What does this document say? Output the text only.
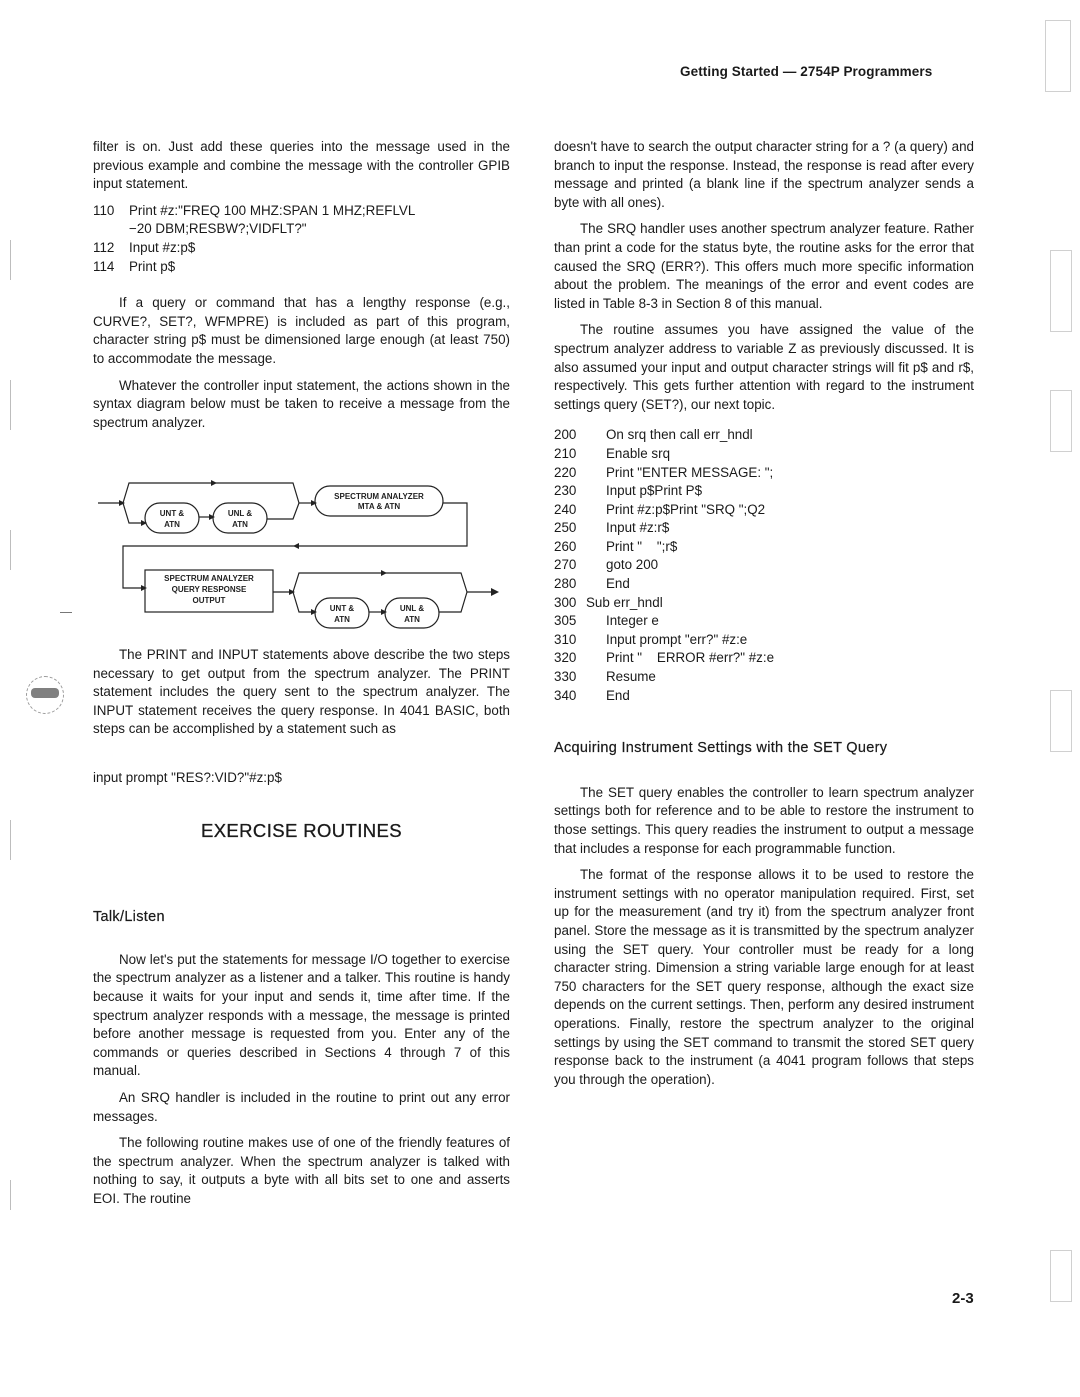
Getting Started — 2754P Programmers

filter is on. Just add these queries into the message used in the previous example and combine the message with the controller GPIB input statement.

110	Print #z:"FREQ 100 MHZ:SPAN 1 MHZ;REFLVL
−20 DBM;RESBW?;VIDFLT?"
112	Input #z:p$
114	Print p$

If a query or command that has a lengthy response (e.g., CURVE?, SET?, WFMPRE) is included as part of this program, character string p$ must be dimensioned large enough (at least 750) to accommodate the message.

Whatever the controller input statement, the actions shown in the syntax diagram below must be taken to receive a message from the spectrum analyzer.

UNT &
ATN
UNL &
ATN
SPECTRUM ANALYZER
MTA & ATN
SPECTRUM ANALYZER
QUERY RESPONSE
OUTPUT
UNT &
ATN
UNL &
ATN

The PRINT and INPUT statements above describe the two steps necessary to get output from the spectrum analyzer. The PRINT statement includes the query sent to the spectrum analyzer. The INPUT statement receives the query response. In 4041 BASIC, both steps can be accomplished by a statement such as

input prompt "RES?:VID?"#z:p$
EXERCISE ROUTINES
Talk/Listen

Now let's put the statements for message I/O together to exercise the spectrum analyzer as a listener and a talker. This routine is handy because it waits for your input and sends it, time after time. If the spectrum analyzer responds with a message, the message is printed before another message is requested from you. Enter any of the commands or queries described in Sections 4 through 7 of this manual.

An SRQ handler is included in the routine to print out any error messages.

The following routine makes use of one of the friendly features of the spectrum analyzer. When the spectrum analyzer is talked with nothing to say, it outputs a byte with all bits set to one and asserts EOI. The routine

doesn't have to search the output character string for a ? (a query) and branch to input the response. Instead, the response is read after every message and printed (a blank line if the spectrum analyzer sends a byte with all ones).

The SRQ handler uses another spectrum analyzer feature. Rather than print a code for the status byte, the routine asks for the error that caused the SRQ (ERR?). This offers much more specific information about the problem. The meanings of the error and event codes are listed in Table 8-3 in Section 8 of this manual.

The routine assumes you have assigned the value of the spectrum analyzer address to variable Z as previously discussed. It is also assumed your input and output character strings will fit p$ and r$, respectively. This gets further attention with regard to the instrument settings query (SET?), our next topic.

200	On srq then call err_hndl
210	Enable srq
220	Print "ENTER MESSAGE: ";
230	Input p$Print P$
240	Print #z:p$Print "SRQ ";Q2
250	Input #z:r$
260	Print "    ";r$
270	goto 200
280	End
300 Sub err_hndl
305	Integer e
310	Input prompt "err?" #z:e
320	Print "    ERROR #err?" #z:e
330	Resume
340	End
Acquiring Instrument Settings with the SET Query

The SET query enables the controller to learn spectrum analyzer settings both for reference and to be able to restore the instrument to those settings. This query readies the instrument to output a message that includes a response for each programmable function.

The format of the response allows it to be used to restore the instrument settings with no operator manipulation required. First, set up for the measurement (and try it) from the spectrum analyzer front panel. Store the message as it is transmitted by the spectrum analyzer using the SET query. Your controller must be ready for a long character string. Dimension a string variable large enough for at least 750 characters for the SET query response, although the exact size depends on the current settings. Then, perform any desired instrument operations. Finally, restore the spectrum analyzer to the original settings by using the SET command to transmit the stored SET query response back to the instrument (a 4041 program follows that steps you through the operation).

2-3
